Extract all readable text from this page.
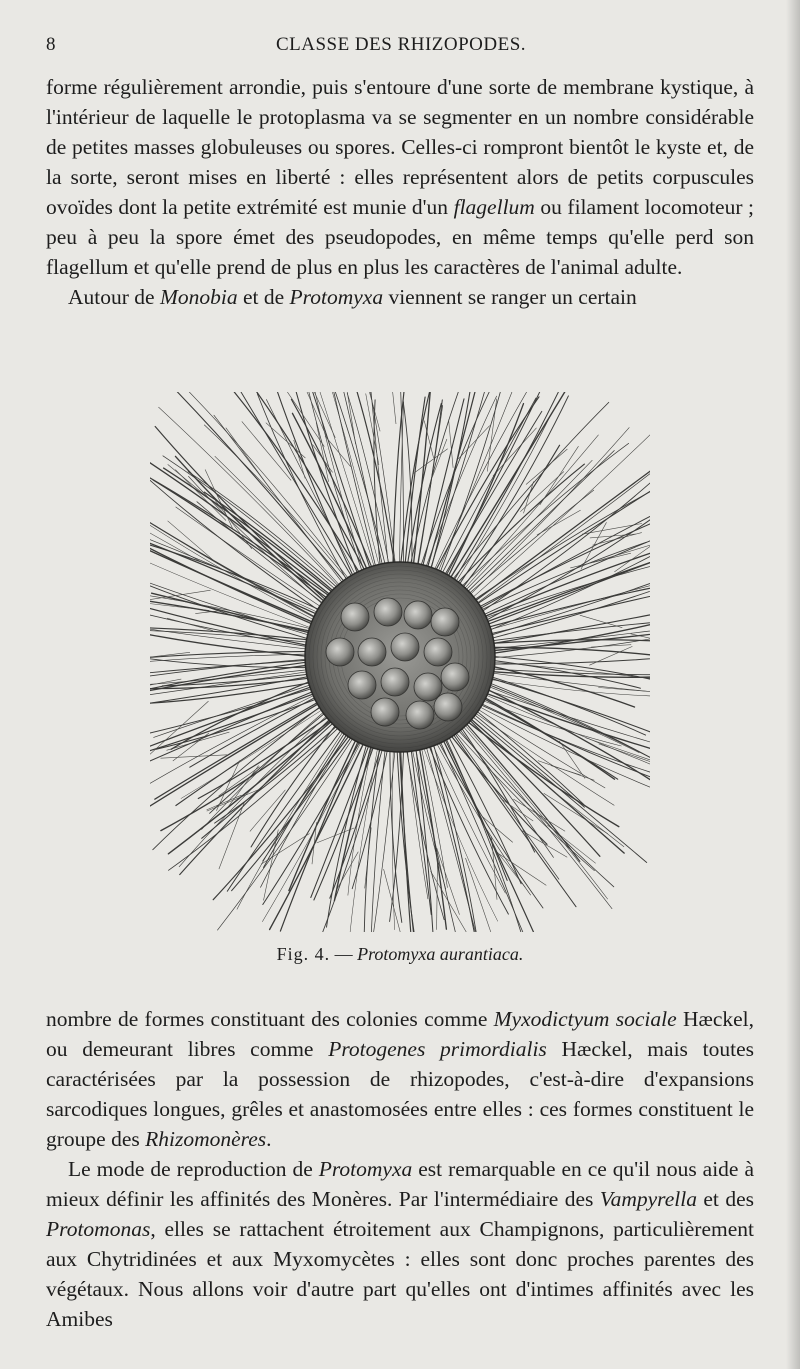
8	CLASSE DES RHIZOPODES.

forme régulièrement arrondie, puis s'entoure d'une sorte de membrane kystique, à l'intérieur de laquelle le protoplasma va se segmenter en un nombre considérable de petites masses globuleuses ou spores. Celles-ci rompront bientôt le kyste et, de la sorte, seront mises en liberté : elles représentent alors de petits corpuscules ovoïdes dont la petite extrémité est munie d'un flagellum ou filament locomoteur ; peu à peu la spore émet des pseudopodes, en même temps qu'elle perd son flagellum et qu'elle prend de plus en plus les caractères de l'animal adulte.

Autour de Monobia et de Protomyxa viennent se ranger un certain

Fig. 4. — Protomyxa aurantiaca.

nombre de formes constituant des colonies comme Myxodictyum sociale Hæckel, ou demeurant libres comme Protogenes primordialis Hæckel, mais toutes caractérisées par la possession de rhizopodes, c'est-à-dire d'expansions sarcodiques longues, grêles et anastomosées entre elles : ces formes constituent le groupe des Rhizomonères.

Le mode de reproduction de Protomyxa est remarquable en ce qu'il nous aide à mieux définir les affinités des Monères. Par l'intermédiaire des Vampyrella et des Protomonas, elles se rattachent étroitement aux Champignons, particulièrement aux Chytridinées et aux Myxomycètes : elles sont donc proches parentes des végétaux. Nous allons voir d'autre part qu'elles ont d'intimes affinités avec les Amibes
